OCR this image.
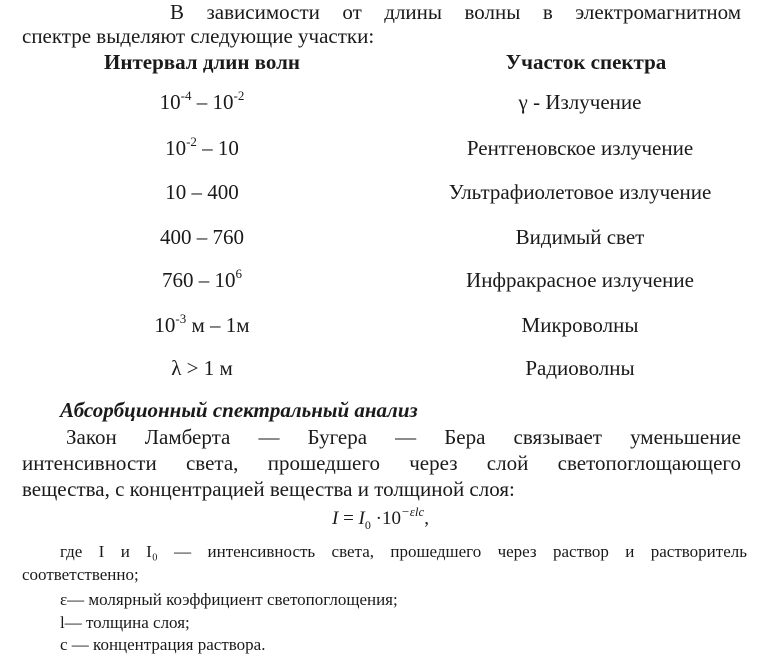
В зависимости от длины волны в электромагнитном
спектре выделяют следующие участки:
Интервал длин волн	Участок спектра
$10^{-4} - 10^{-2}$	γ - Излучение
$10^{-2} - 10$	Рентгеновское излучение
10 – 400	Ультрафиолетовое излучение
400 – 760	Видимый свет
$760 - 10^6$	Инфракрасное излучение
$10^{-3}$ м – 1м	Микроволны
λ > 1 м	Радиоволны
Абсорбционный спектральный анализ
Закон Ламберта — Бугера — Бера связывает уменьшение
интенсивности света, прошедшего через слой светопоглощающего
вещества, с концентрацией вещества и толщиной слоя:
$I = I_0 \cdot 10^{-\varepsilon lc}$,
где I и I₀ — интенсивность света, прошедшего через раствор и растворитель
соответственно;
ε— молярный коэффициент светопоглощения;
l— толщина слоя;
с — концентрация раствора.
